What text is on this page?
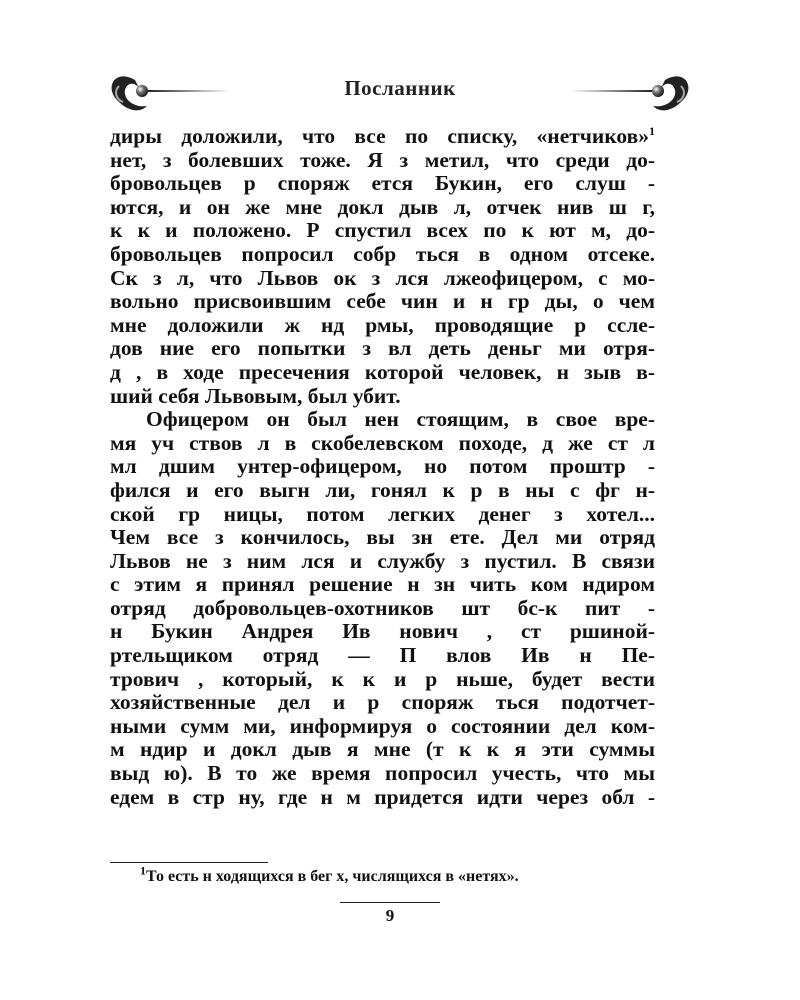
Посланник
диры доложили, что все по списку, «нетчиков»$^1$
нет, з болевших тоже. Я з метил, что среди до-
бровольцев р споряж ется Букин, его слуш -
ются, и он же мне докл дыв л, отчек нив ш г,
к к и положено. Р спустил всех по к ют м, до-
бровольцев попросил собр ться в одном отсеке.
Ск з л, что Львов ок з лся лжеофицером, с мо-
вольно присвоившим себе чин и н гр ды, о чем
мне доложили ж нд рмы, проводящие р ссле-
дов ние его попытки з вл деть деньг ми отря-
д , в ходе пресечения которой человек, н зыв в-
ший себя Львовым, был убит.
Офицером он был нен стоящим, в свое вре-
мя уч ствов л в скобелевском походе, д же ст л
мл дшим унтер-офицером, но потом проштр -
фился и его выгн ли, гонял к р в ны с фг н-
ской гр ницы, потом легких денег з хотел...
Чем все з кончилось, вы зн ете. Дел ми отряд
Львов не з ним лся и службу з пустил. В связи
с этим я принял решение н зн чить ком ндиром
отряд добровольцев-охотников шт бс-к пит -
н Букин Андрея Ив нович , ст ршиной-
ртельщиком отряд — П влов Ив н Пе-
трович , который, к к и р ньше, будет вести
хозяйственные дел и р споряж ться подотчет-
ными сумм ми, информируя о состоянии дел ком-
м ндир и докл дыв я мне (т к к я эти суммы
выд ю). В то же время попросил учесть, что мы
едем в стр ну, где н м придется идти через обл -
$^1$То есть н ходящихся в бег х, числящихся в «нетях».
9
